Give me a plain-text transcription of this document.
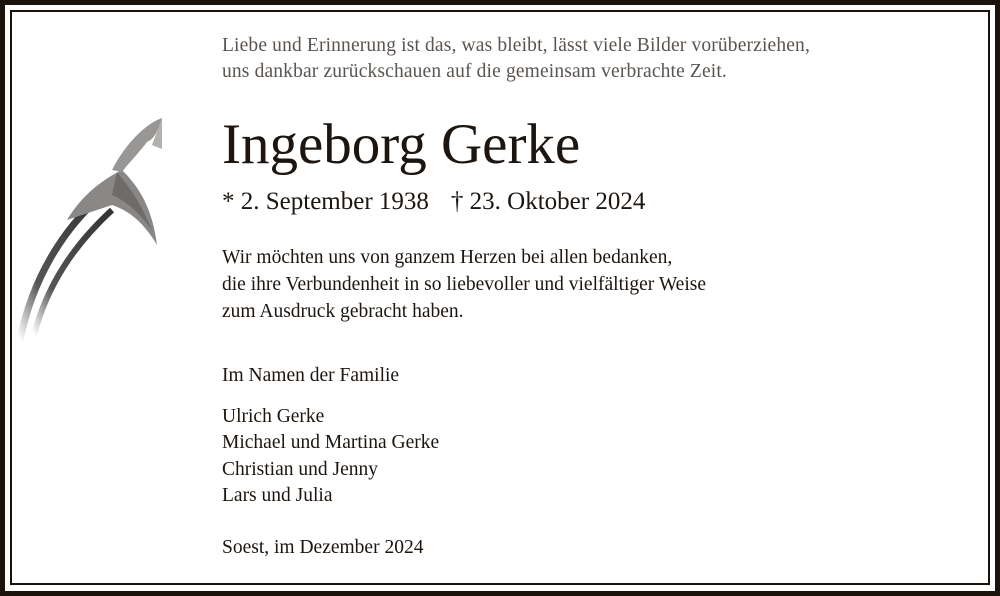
Liebe und Erinnerung ist das, was bleibt, lässt viele Bilder vorüberziehen,
uns dankbar zurückschauen auf die gemeinsam verbrachte Zeit.
Ingeborg Gerke
* 2. September 1938 † 23. Oktober 2024
Wir möchten uns von ganzem Herzen bei allen bedanken,
die ihre Verbundenheit in so liebevoller und vielfältiger Weise
zum Ausdruck gebracht haben.
Im Namen der Familie
Ulrich Gerke
Michael und Martina Gerke
Christian und Jenny
Lars und Julia
Soest, im Dezember 2024
